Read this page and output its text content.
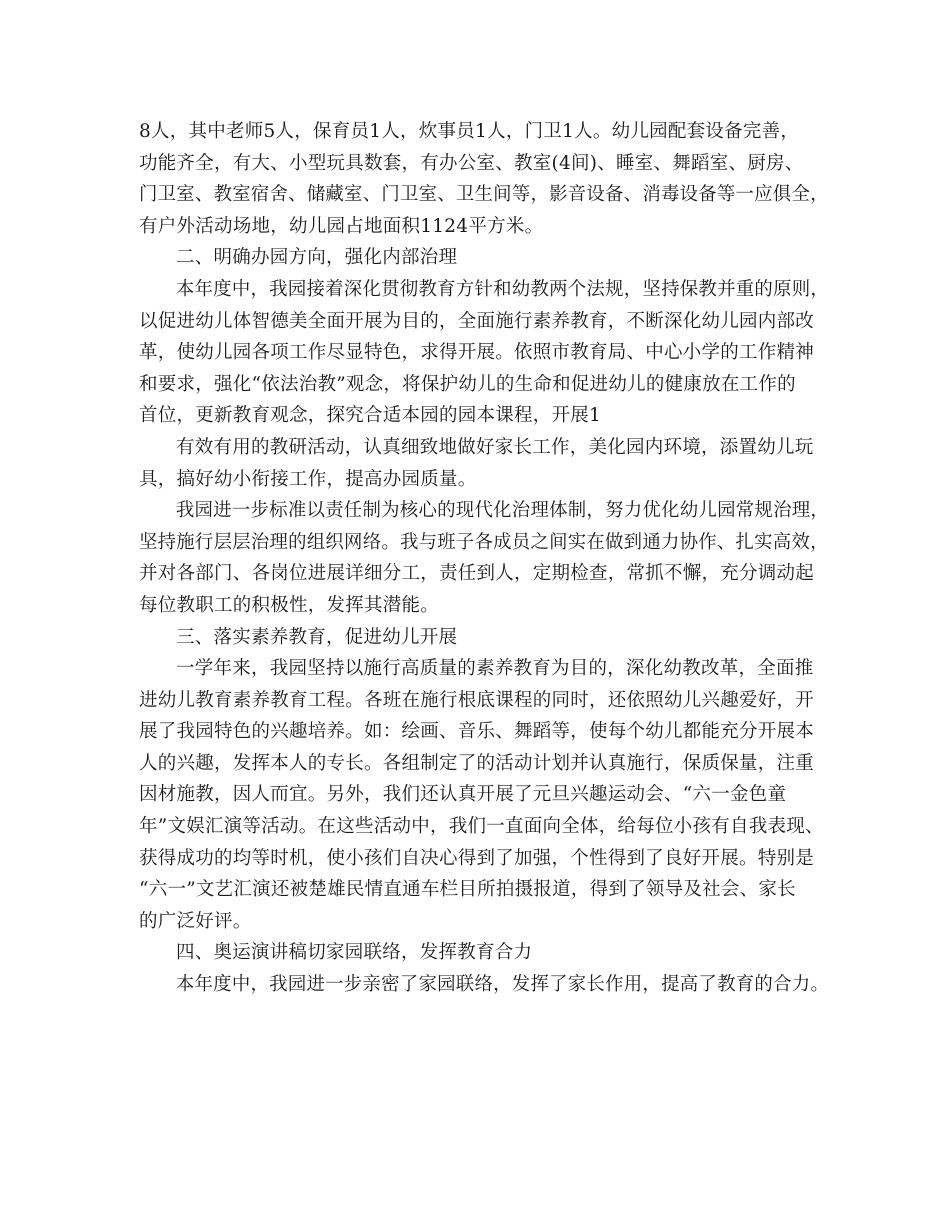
8人，其中老师5人，保育员1人，炊事员1人，门卫1人。幼儿园配套设备完善，
功能齐全，有大、小型玩具数套，有办公室、教室(4间)、睡室、舞蹈室、厨房、
门卫室、教室宿舍、储藏室、门卫室、卫生间等，影音设备、消毒设备等一应俱全，
有户外活动场地，幼儿园占地面积1124平方米。
二、明确办园方向，强化内部治理
本年度中，我园接着深化贯彻教育方针和幼教两个法规，坚持保教并重的原则，
以促进幼儿体智德美全面开展为目的，全面施行素养教育，不断深化幼儿园内部改
革，使幼儿园各项工作尽显特色，求得开展。依照市教育局、中心小学的工作精神
和要求，强化“依法治教”观念，将保护幼儿的生命和促进幼儿的健康放在工作的
首位，更新教育观念，探究合适本园的园本课程，开展1
有效有用的教研活动，认真细致地做好家长工作，美化园内环境，添置幼儿玩
具，搞好幼小衔接工作，提高办园质量。
我园进一步标准以责任制为核心的现代化治理体制，努力优化幼儿园常规治理，
坚持施行层层治理的组织网络。我与班子各成员之间实在做到通力协作、扎实高效，
并对各部门、各岗位进展详细分工，责任到人，定期检查，常抓不懈，充分调动起
每位教职工的积极性，发挥其潜能。
三、落实素养教育，促进幼儿开展
一学年来，我园坚持以施行高质量的素养教育为目的，深化幼教改革，全面推
进幼儿教育素养教育工程。各班在施行根底课程的同时，还依照幼儿兴趣爱好，开
展了我园特色的兴趣培养。如：绘画、音乐、舞蹈等，使每个幼儿都能充分开展本
人的兴趣，发挥本人的专长。各组制定了的活动计划并认真施行，保质保量，注重
因材施教，因人而宜。另外，我们还认真开展了元旦兴趣运动会、“六一金色童
年”文娱汇演等活动。在这些活动中，我们一直面向全体，给每位小孩有自我表现、
获得成功的均等时机，使小孩们自决心得到了加强，个性得到了良好开展。特别是
“六一”文艺汇演还被楚雄民情直通车栏目所拍摄报道，得到了领导及社会、家长
的广泛好评。
四、奥运演讲稿切家园联络，发挥教育合力
本年度中，我园进一步亲密了家园联络，发挥了家长作用，提高了教育的合力。
